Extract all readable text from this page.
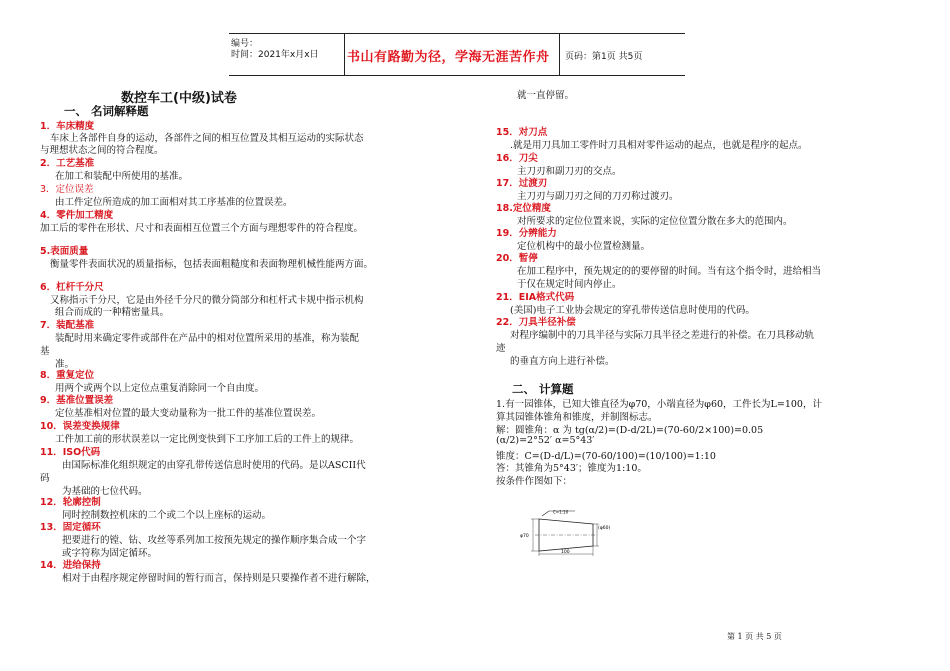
编号：
时间：2021年x月x日 书山有路勤为径，学海无涯苦作舟 页码：第1页 共5页
数控车工(中级)试卷
一、 名词解释题
1．车床精度
车床上各部件自身的运动，各部件之间的相互位置及其相互运动的实际状态
与理想状态之间的符合程度。
2．工艺基准
在加工和装配中所使用的基准。
3．定位误差
由工件定位所造成的加工面相对其工序基准的位置误差。
4．零件加工精度
加工后的零件在形状、尺寸和表面相互位置三个方面与理想零件的符合程度。
5.表面质量
衡量零件表面状况的质量指标，包括表面粗糙度和表面物理机械性能两方面。
6．杠杆千分尺
又称指示千分尺，它是由外径千分尺的微分筒部分和杠杆式卡规中指示机构
组合而成的一种精密量具。
7．装配基准
装配时用来确定零件或部件在产品中的相对位置所采用的基准，称为装配
基
准。
8．重复定位
用两个或两个以上定位点重复消除同一个自由度。
9．基准位置误差
定位基准相对位置的最大变动量称为一批工件的基准位置误差。
10．误差变换规律
工件加工前的形状误差以一定比例变快到下工序加工后的工件上的规律。
11．ISO代码
由国际标准化组织规定的由穿孔带传送信息时使用的代码。是以ASCII代
码
为基础的七位代码。
12．轮廓控制
同时控制数控机床的二个或二个以上座标的运动。
13．固定循环
把要进行的镗、钻、攻丝等系列加工按预先规定的操作顺序集合成一个字
或字符称为固定循环。
14．进给保持
相对于由程序规定停留时间的暂行而言，保持则是只要操作者不进行解除，
就一直停留。
15．对刀点
.就是用刀具加工零件时刀具相对零件运动的起点，也就是程序的起点。
16．刀尖
主刀刃和副刀刃的交点。
17．过渡刃
主刀刃与副刀刃之间的刀刃称过渡刃。
18.定位精度
对所要求的定位位置来说，实际的定位位置分散在多大的范围内。
19．分辨能力
定位机构中的最小位置检测量。
20．暂停
在加工程序中，预先规定的的要停留的时间。当有这个指令时，进给相当
于仅在规定时间内停止。
21．EIA格式代码
(美国)电子工业协会规定的穿孔带传送信息时使用的代码。
22．刀具半径补偿
对程序编制中的刀具半径与实际刀具半径之差进行的补偿。在刀具移动轨
迹
的垂直方向上进行补偿。
二、 计算题
1.有一园锥体，已知大锥直径为φ70，小端直径为φ60，工件长为L=100，计
算其园锥体锥角和锥度，并制图标志。
解：圆锥角：α 为 tg(α/2)=(D-d/2L)=(70-60/2×100)=0.05
(α/2)=2°52′ α=5°43′
锥度：C=(D-d/L)=(70-60/100)=(10/100)=1:10
答：其锥角为5°43′；锥度为1:10。
按条件作图如下：
C=1:10
φ70
(φ60)
100
第 1 页 共 5 页
